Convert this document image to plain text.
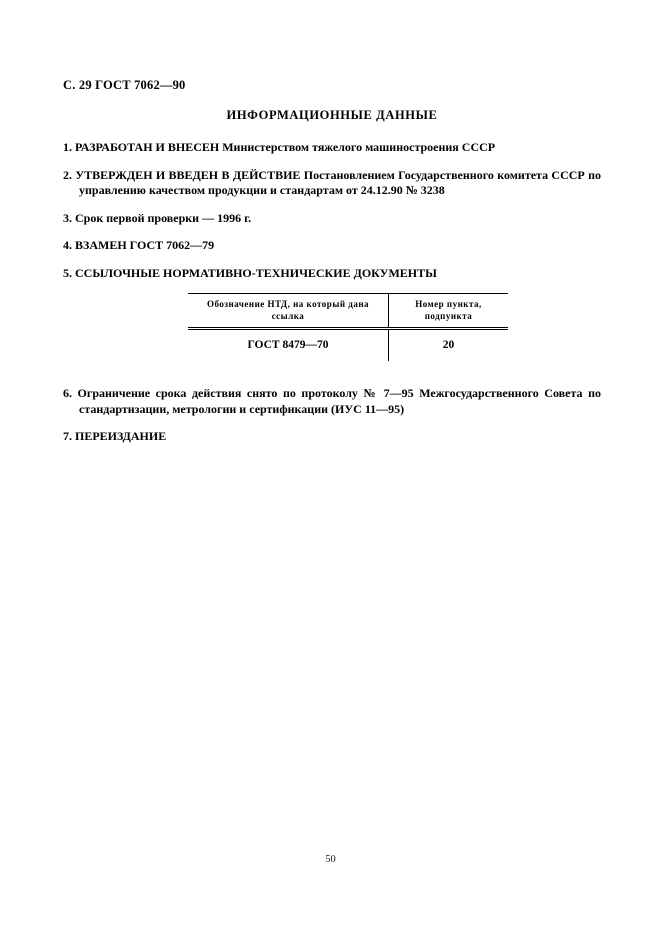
С. 29 ГОСТ 7062—90
ИНФОРМАЦИОННЫЕ ДАННЫЕ

1. РАЗРАБОТАН И ВНЕСЕН Министерством тяжелого машиностроения СССР

2. УТВЕРЖДЕН И ВВЕДЕН В ДЕЙСТВИЕ Постановлением Государственного комитета СССР по управлению качеством продукции и стандартам от 24.12.90 № 3238

3. Срок первой проверки — 1996 г.

4. ВЗАМЕН ГОСТ 7062—79

5. ССЫЛОЧНЫЕ НОРМАТИВНО-ТЕХНИЧЕСКИЕ ДОКУМЕНТЫ

Обозначение НТД, на который дана ссылка	Номер пункта, подпункта
ГОСТ 8479—70	20

6. Ограничение срока действия снято по протоколу № 7—95 Межгосударственного Совета по стандартизации, метрологии и сертификации (ИУС 11—95)

7. ПЕРЕИЗДАНИЕ

50
